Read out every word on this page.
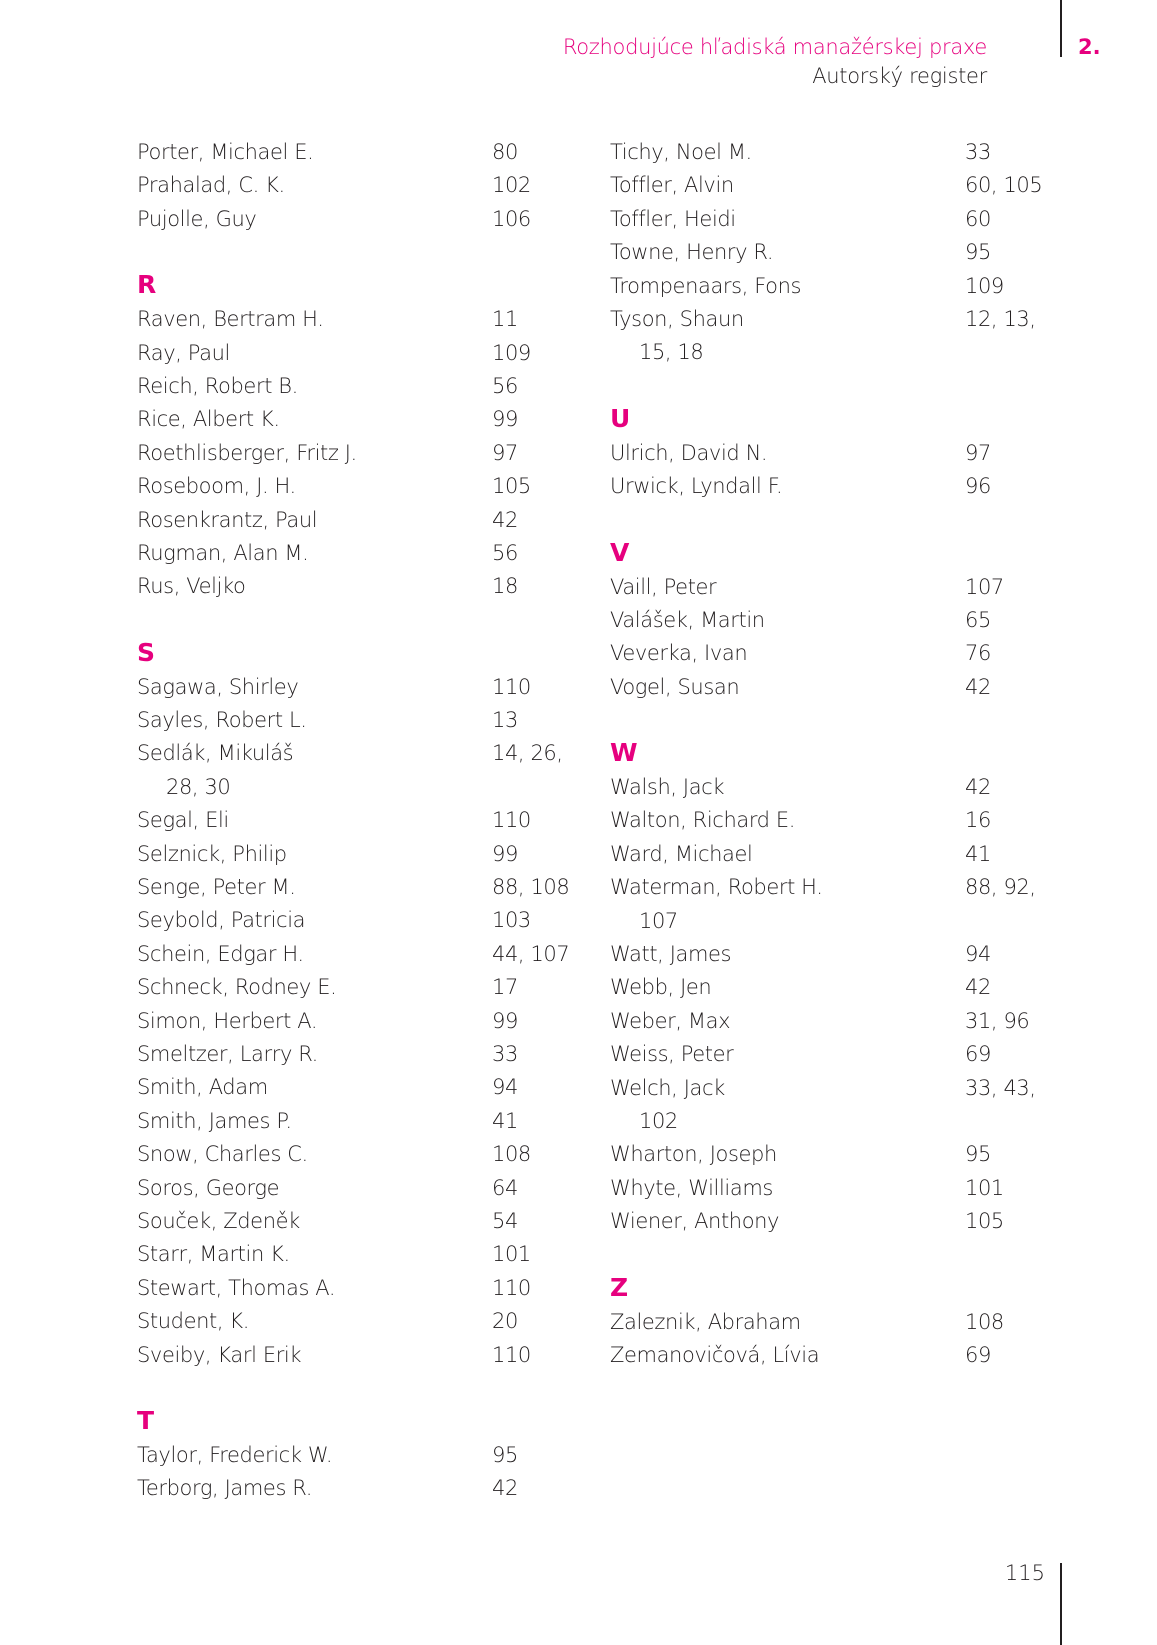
Rozhodujúce hľadiská manažérskej praxe
Autorský register
2.
Porter, Michael E.	80
Prahalad, C. K.	102
Pujolle, Guy	106
R
Raven, Bertram H.	11
Ray, Paul	109
Reich, Robert B.	56
Rice, Albert K.	99
Roethlisberger, Fritz J.	97
Roseboom, J. H.	105
Rosenkrantz, Paul	42
Rugman, Alan M.	56
Rus, Veljko	18
S
Sagawa, Shirley	110
Sayles, Robert L.	13
Sedlák, Mikuláš	14, 26,
28, 30
Segal, Eli	110
Selznick, Philip	99
Senge, Peter M.	88, 108
Seybold, Patricia	103
Schein, Edgar H.	44, 107
Schneck, Rodney E.	17
Simon, Herbert A.	99
Smeltzer, Larry R.	33
Smith, Adam	94
Smith, James P.	41
Snow, Charles C.	108
Soros, George	64
Souček, Zdeněk	54
Starr, Martin K.	101
Stewart, Thomas A.	110
Student, K.	20
Sveiby, Karl Erik	110
T
Taylor, Frederick W.	95
Terborg, James R.	42
Tichy, Noel M.	33
Toffler, Alvin	60, 105
Toffler, Heidi	60
Towne, Henry R.	95
Trompenaars, Fons	109
Tyson, Shaun	12, 13,
15, 18
U
Ulrich, David N.	97
Urwick, Lyndall F.	96
V
Vaill, Peter	107
Valášek, Martin	65
Veverka, Ivan	76
Vogel, Susan	42
W
Walsh, Jack	42
Walton, Richard E.	16
Ward, Michael	41
Waterman, Robert H.	88, 92,
107
Watt, James	94
Webb, Jen	42
Weber, Max	31, 96
Weiss, Peter	69
Welch, Jack	33, 43,
102
Wharton, Joseph	95
Whyte, Williams	101
Wiener, Anthony	105
Z
Zaleznik, Abraham	108
Zemanovičová, Lívia	69
115
